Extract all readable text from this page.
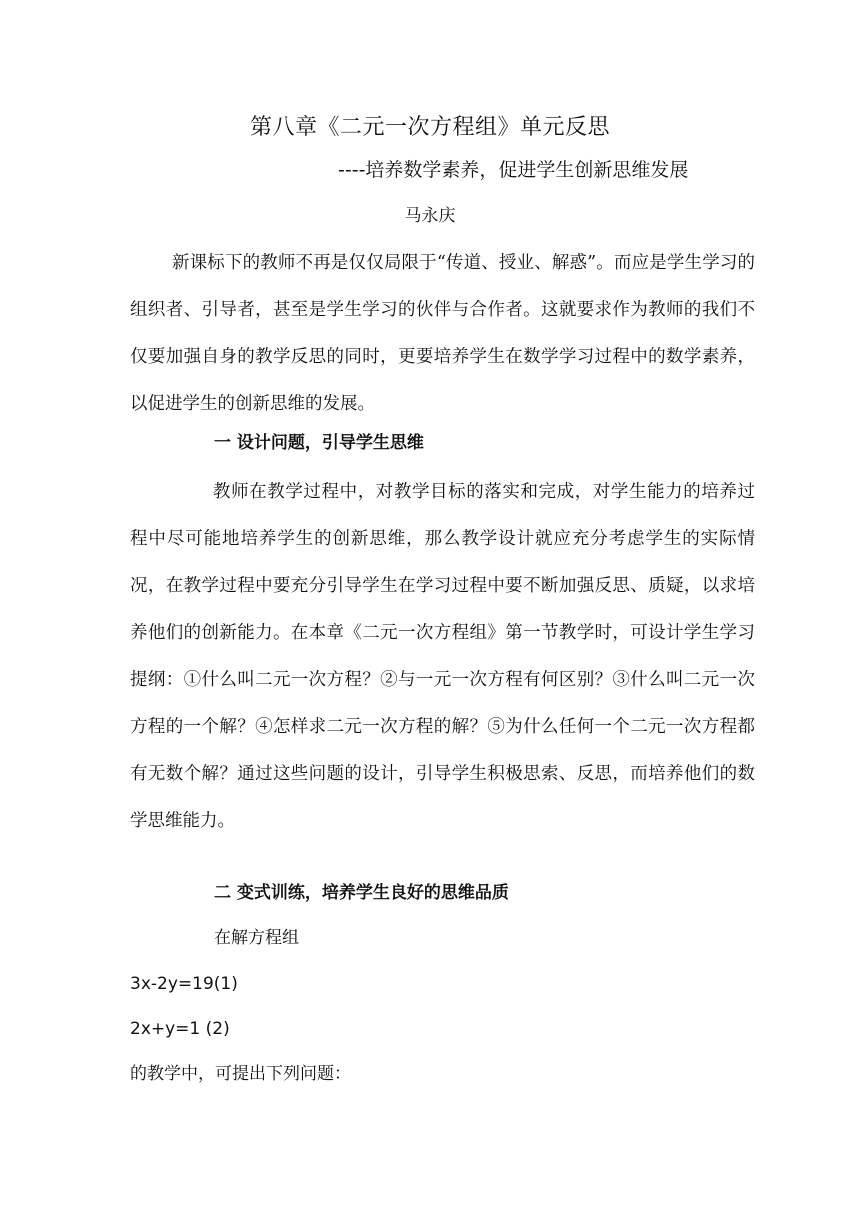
第八章《二元一次方程组》单元反思

----培养数学素养，促进学生创新思维发展

马永庆

新课标下的教师不再是仅仅局限于“传道、授业、解惑”。而应是学生学习的组织者、引导者，甚至是学生学习的伙伴与合作者。这就要求作为教师的我们不仅要加强自身的教学反思的同时，更要培养学生在数学学习过程中的数学素养，以促进学生的创新思维的发展。

一 设计问题，引导学生思维

教师在教学过程中，对教学目标的落实和完成，对学生能力的培养过程中尽可能地培养学生的创新思维，那么教学设计就应充分考虑学生的实际情况，在教学过程中要充分引导学生在学习过程中要不断加强反思、质疑，以求培养他们的创新能力。在本章《二元一次方程组》第一节教学时，可设计学生学习提纲：①什么叫二元一次方程？②与一元一次方程有何区别？③什么叫二元一次方程的一个解？④怎样求二元一次方程的解？⑤为什么任何一个二元一次方程都有无数个解？通过这些问题的设计，引导学生积极思索、反思，而培养他们的数学思维能力。

二 变式训练，培养学生良好的思维品质

在解方程组

3x-2y=19(1)

2x+y=1 (2)

的教学中，可提出下列问题：
